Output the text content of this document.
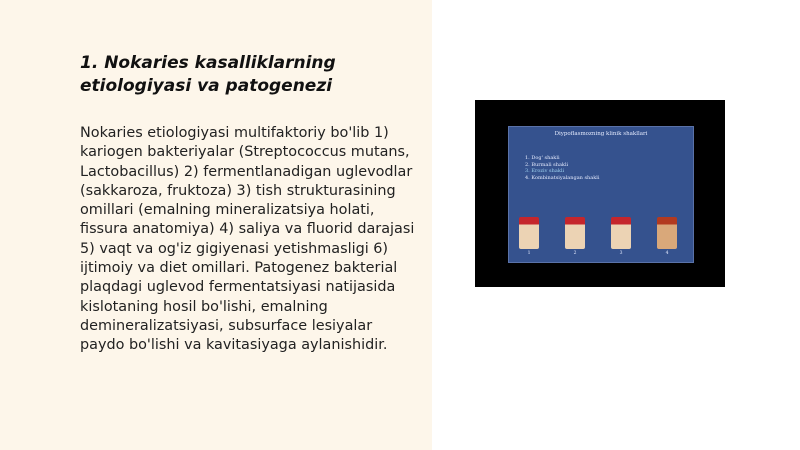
1. Nokaries kasalliklarning etiologiyasi va patogenezi

Nokaries etiologiyasi multifaktoriy bo'lib 1) kariogen bakteriyalar (Streptococcus mutans, Lactobacillus) 2) fermentlanadigan uglevodlar (sakkaroza, fruktoza) 3) tish strukturasining omillari (emalning mineralizatsiya holati, fissura anatomiya) 4) saliya va fluorid darajasi 5) vaqt va og'iz gigiyenasi yetishmasligi 6) ijtimoiy va diet omillari. Patogenez bakterial plaqdagi uglevod fermentatsiyasi natijasida kislotaning hosil bo'lishi, emalning demineralizatsiyasi, subsurface lesiyalar paydo bo'lishi va kavitasiyaga aylanishidir.

Diypoflasmozning klinik shakllari
1. Dog' shakli
2. Burmali shakli
3. Eroziv shakli
4. Kombinatsiyalangan shakli
1	2	3	4
